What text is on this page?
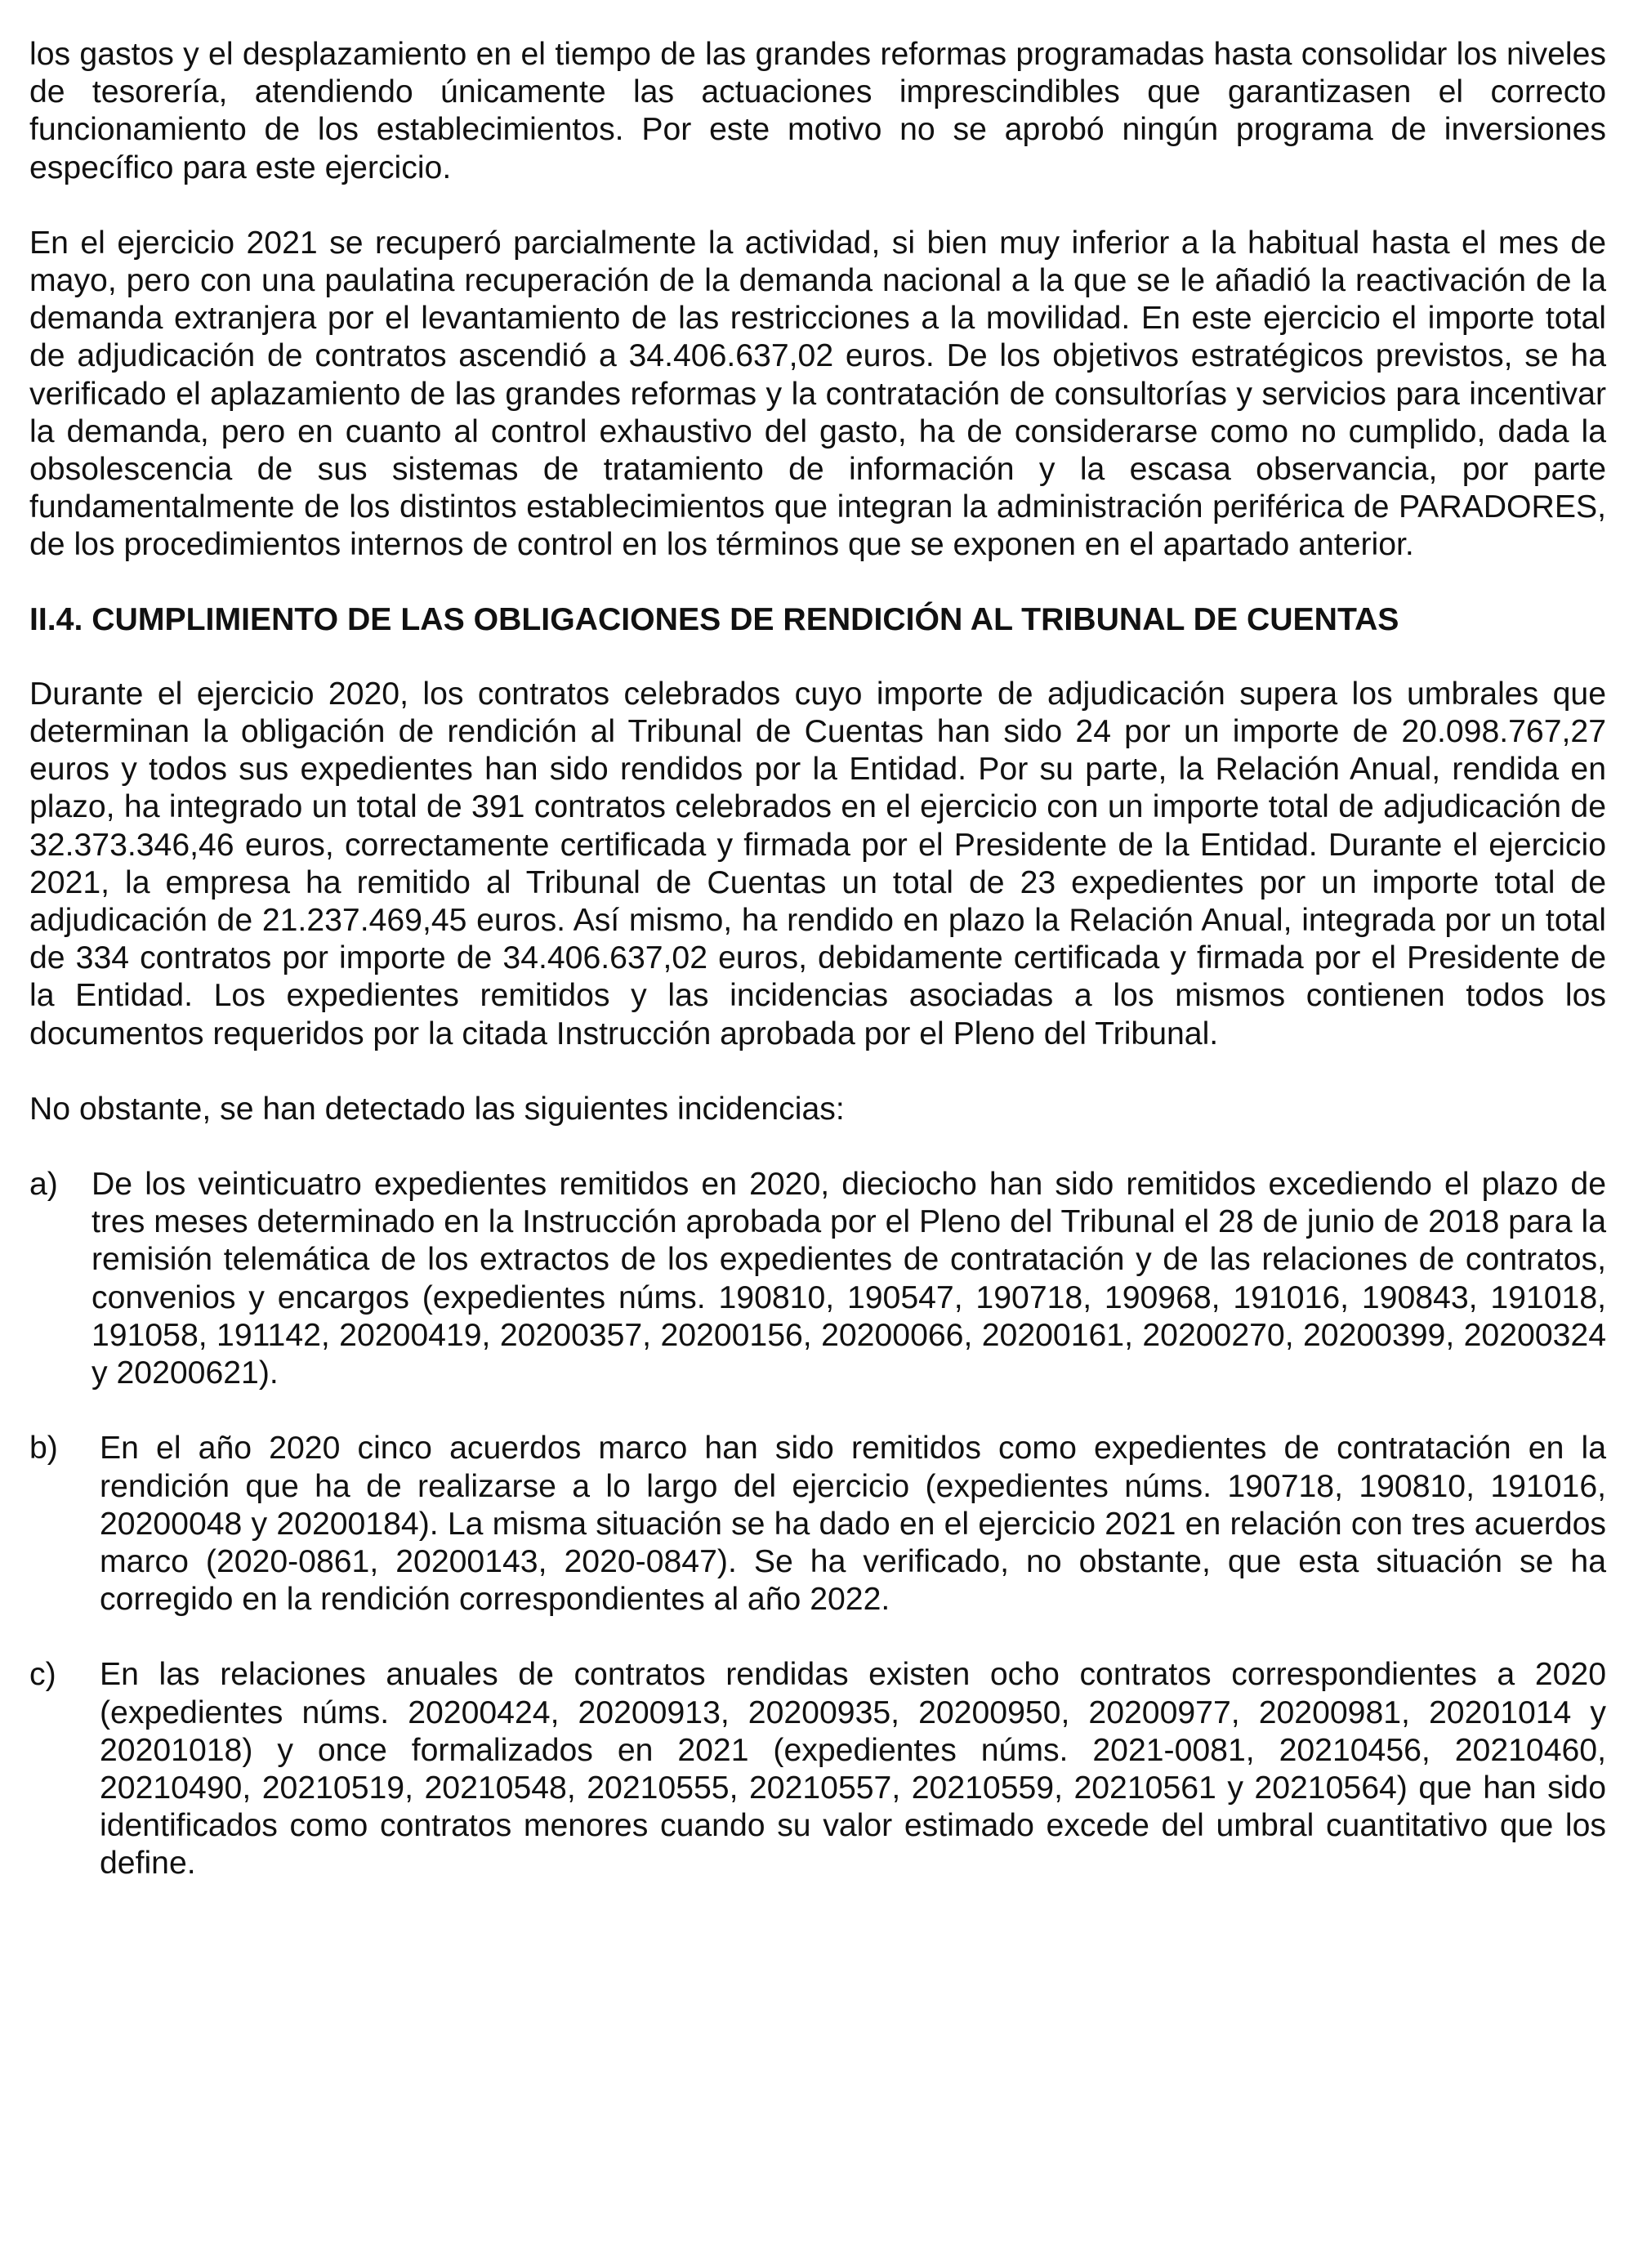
los gastos y el desplazamiento en el tiempo de las grandes reformas programadas hasta consolidar los niveles de tesorería, atendiendo únicamente las actuaciones imprescindibles que garantizasen el correcto funcionamiento de los establecimientos. Por este motivo no se aprobó ningún programa de inversiones específico para este ejercicio.

En el ejercicio 2021 se recuperó parcialmente la actividad, si bien muy inferior a la habitual hasta el mes de mayo, pero con una paulatina recuperación de la demanda nacional a la que se le añadió la reactivación de la demanda extranjera por el levantamiento de las restricciones a la movilidad. En este ejercicio el importe total de adjudicación de contratos ascendió a 34.406.637,02 euros. De los objetivos estratégicos previstos, se ha verificado el aplazamiento de las grandes reformas y la contratación de consultorías y servicios para incentivar la demanda, pero en cuanto al control exhaustivo del gasto, ha de considerarse como no cumplido, dada la obsolescencia de sus sistemas de tratamiento de información y la escasa observancia, por parte fundamentalmente de los distintos establecimientos que integran la administración periférica de PARADORES, de los procedimientos internos de control en los términos que se exponen en el apartado anterior.

II.4. CUMPLIMIENTO DE LAS OBLIGACIONES DE RENDICIÓN AL TRIBUNAL DE CUENTAS

Durante el ejercicio 2020, los contratos celebrados cuyo importe de adjudicación supera los umbrales que determinan la obligación de rendición al Tribunal de Cuentas han sido 24 por un importe de 20.098.767,27 euros y todos sus expedientes han sido rendidos por la Entidad. Por su parte, la Relación Anual, rendida en plazo, ha integrado un total de 391 contratos celebrados en el ejercicio con un importe total de adjudicación de 32.373.346,46 euros, correctamente certificada y firmada por el Presidente de la Entidad. Durante el ejercicio 2021, la empresa ha remitido al Tribunal de Cuentas un total de 23 expedientes por un importe total de adjudicación de 21.237.469,45 euros. Así mismo, ha rendido en plazo la Relación Anual, integrada por un total de 334 contratos por importe de 34.406.637,02 euros, debidamente certificada y firmada por el Presidente de la Entidad. Los expedientes remitidos y las incidencias asociadas a los mismos contienen todos los documentos requeridos por la citada Instrucción aprobada por el Pleno del Tribunal.

No obstante, se han detectado las siguientes incidencias:

a) De los veinticuatro expedientes remitidos en 2020, dieciocho han sido remitidos excediendo el plazo de tres meses determinado en la Instrucción aprobada por el Pleno del Tribunal el 28 de junio de 2018 para la remisión telemática de los extractos de los expedientes de contratación y de las relaciones de contratos, convenios y encargos (expedientes núms. 190810, 190547, 190718, 190968, 191016, 190843, 191018, 191058, 191142, 20200419, 20200357, 20200156, 20200066, 20200161, 20200270, 20200399, 20200324 y 20200621).

b) En el año 2020 cinco acuerdos marco han sido remitidos como expedientes de contratación en la rendición que ha de realizarse a lo largo del ejercicio (expedientes núms. 190718, 190810, 191016, 20200048 y 20200184). La misma situación se ha dado en el ejercicio 2021 en relación con tres acuerdos marco (2020-0861, 20200143, 2020-0847). Se ha verificado, no obstante, que esta situación se ha corregido en la rendición correspondientes al año 2022.

c) En las relaciones anuales de contratos rendidas existen ocho contratos correspondientes a 2020 (expedientes núms. 20200424, 20200913, 20200935, 20200950, 20200977, 20200981, 20201014 y 20201018) y once formalizados en 2021 (expedientes núms. 2021-0081, 20210456, 20210460, 20210490, 20210519, 20210548, 20210555, 20210557, 20210559, 20210561 y 20210564) que han sido identificados como contratos menores cuando su valor estimado excede del umbral cuantitativo que los define.
